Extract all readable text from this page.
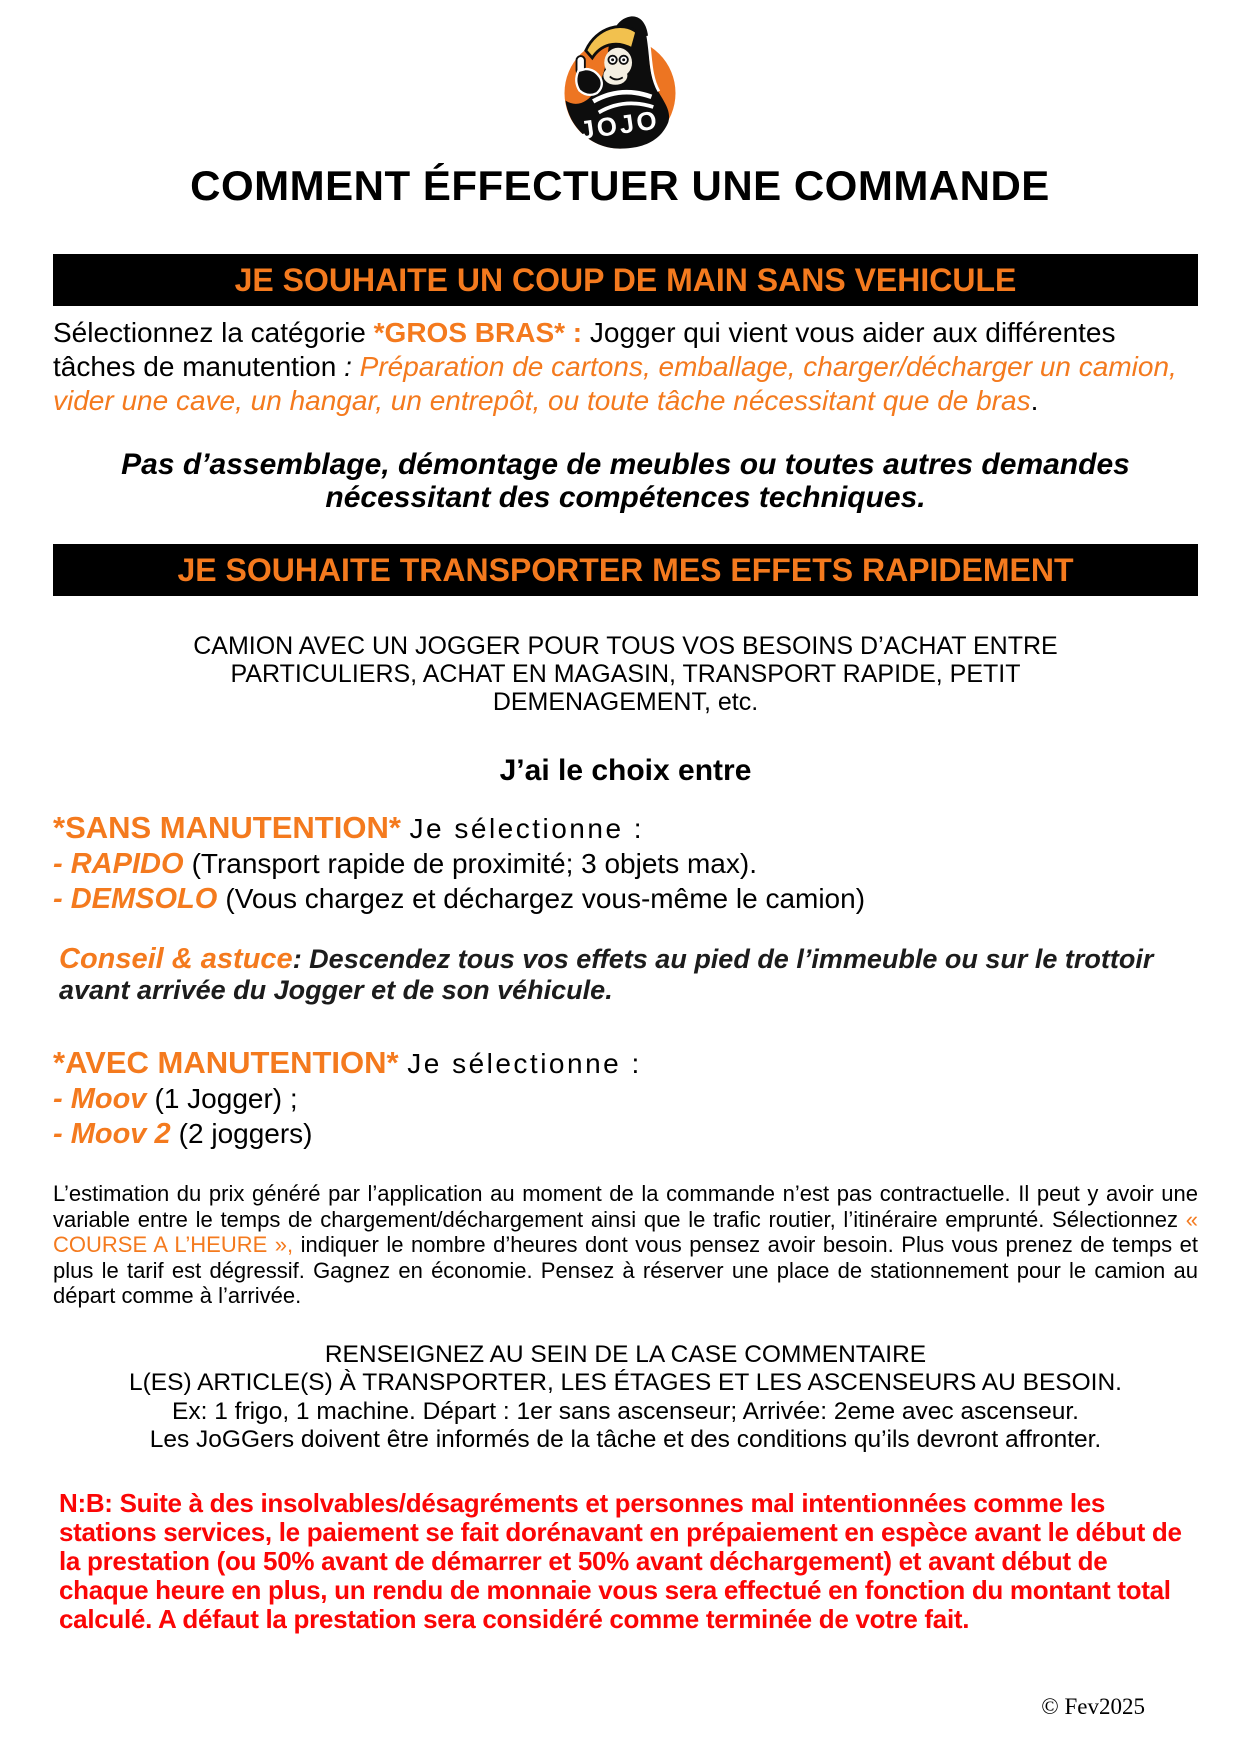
JOJO
COMMENT ÉFFECTUER UNE COMMANDE
JE SOUHAITE UN COUP DE MAIN SANS VEHICULE

Sélectionnez la catégorie *GROS BRAS* : Jogger qui vient vous aider aux différentes tâches de manutention : Préparation de cartons, emballage, charger/décharger un camion, vider une cave, un hangar, un entrepôt, ou toute tâche nécessitant que de bras.

Pas d’assemblage, démontage de meubles ou toutes autres demandes nécessitant des compétences techniques.

JE SOUHAITE TRANSPORTER MES EFFETS RAPIDEMENT

CAMION AVEC UN JOGGER POUR TOUS VOS BESOINS D’ACHAT ENTRE PARTICULIERS, ACHAT EN MAGASIN, TRANSPORT RAPIDE, PETIT DEMENAGEMENT, etc.

J’ai le choix entre

*SANS MANUTENTION* Je sélectionne :

- RAPIDO (Transport rapide de proximité; 3 objets max).

- DEMSOLO (Vous chargez et déchargez vous-même le camion)

Conseil & astuce: Descendez tous vos effets au pied de l’immeuble ou sur le trottoir avant arrivée du Jogger et de son véhicule.

*AVEC MANUTENTION* Je sélectionne :

- Moov (1 Jogger) ;

- Moov 2 (2 joggers)

L’estimation du prix généré par l’application au moment de la commande n’est pas contractuelle. Il peut y avoir une variable entre le temps de chargement/déchargement ainsi que le trafic routier, l’itinéraire emprunté. Sélectionnez « COURSE A L’HEURE », indiquer le nombre d’heures dont vous pensez avoir besoin. Plus vous prenez de temps et plus le tarif est dégressif. Gagnez en économie. Pensez à réserver une place de stationnement pour le camion au départ comme à l’arrivée.

RENSEIGNEZ AU SEIN DE LA CASE COMMENTAIRE
L(ES) ARTICLE(S) À TRANSPORTER, LES ÉTAGES ET LES ASCENSEURS AU BESOIN.
Ex: 1 frigo, 1 machine. Départ : 1er sans ascenseur; Arrivée: 2eme avec ascenseur.
Les JoGGers doivent être informés de la tâche et des conditions qu’ils devront affronter.

N:B: Suite à des insolvables/désagréments et personnes mal intentionnées comme les stations services, le paiement se fait dorénavant en prépaiement en espèce avant le début de la prestation (ou 50% avant de démarrer et 50% avant déchargement) et avant début de chaque heure en plus, un rendu de monnaie vous sera effectué en fonction du montant total calculé. A défaut la prestation sera considéré comme terminée de votre fait.

© Fev2025
